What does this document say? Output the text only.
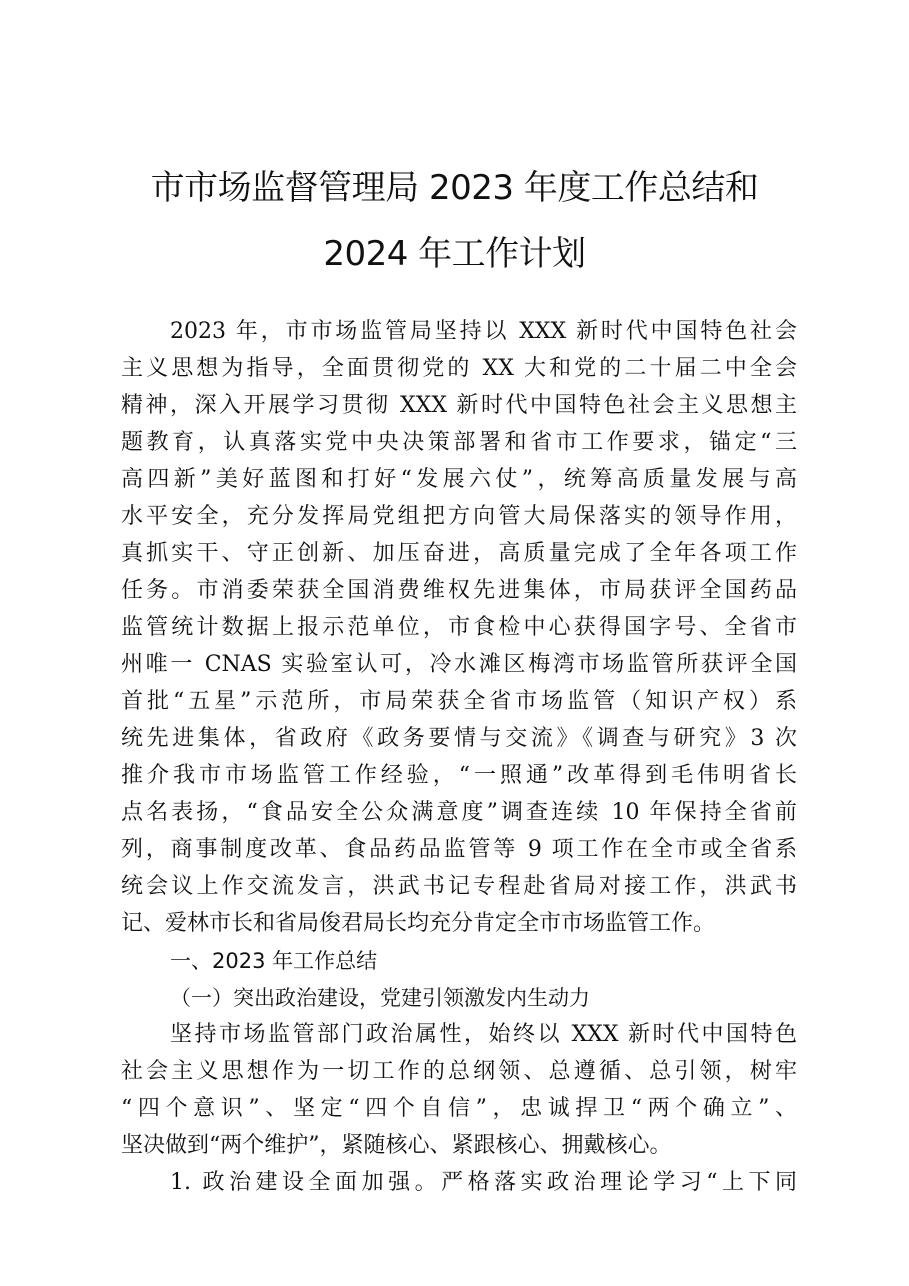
市市场监督管理局 2023 年度工作总结和
2024 年工作计划
2023 年，市市场监管局坚持以 XXX 新时代中国特色社会
主义思想为指导，全面贯彻党的 XX 大和党的二十届二中全会
精神，深入开展学习贯彻 XXX 新时代中国特色社会主义思想主
题教育，认真落实党中央决策部署和省市工作要求，锚定“三
高四新”美好蓝图和打好“发展六仗”，统筹高质量发展与高
水平安全，充分发挥局党组把方向管大局保落实的领导作用，
真抓实干、守正创新、加压奋进，高质量完成了全年各项工作
任务。市消委荣获全国消费维权先进集体，市局获评全国药品
监管统计数据上报示范单位，市食检中心获得国字号、全省市
州唯一 CNAS 实验室认可，冷水滩区梅湾市场监管所获评全国
首批“五星”示范所，市局荣获全省市场监管（知识产权）系
统先进集体，省政府《政务要情与交流》《调查与研究》3 次
推介我市市场监管工作经验，“一照通”改革得到毛伟明省长
点名表扬，“食品安全公众满意度”调查连续 10 年保持全省前
列，商事制度改革、食品药品监管等 9 项工作在全市或全省系
统会议上作交流发言，洪武书记专程赴省局对接工作，洪武书
记、爱林市长和省局俊君局长均充分肯定全市市场监管工作。
一、2023 年工作总结
（一）突出政治建设，党建引领激发内生动力
坚持市场监管部门政治属性，始终以 XXX 新时代中国特色
社会主义思想作为一切工作的总纲领、总遵循、总引领，树牢
“四个意识”、坚定“四个自信”，忠诚捍卫“两个确立”、
坚决做到“两个维护”，紧随核心、紧跟核心、拥戴核心。
1. 政治建设全面加强。严格落实政治理论学习“上下同
